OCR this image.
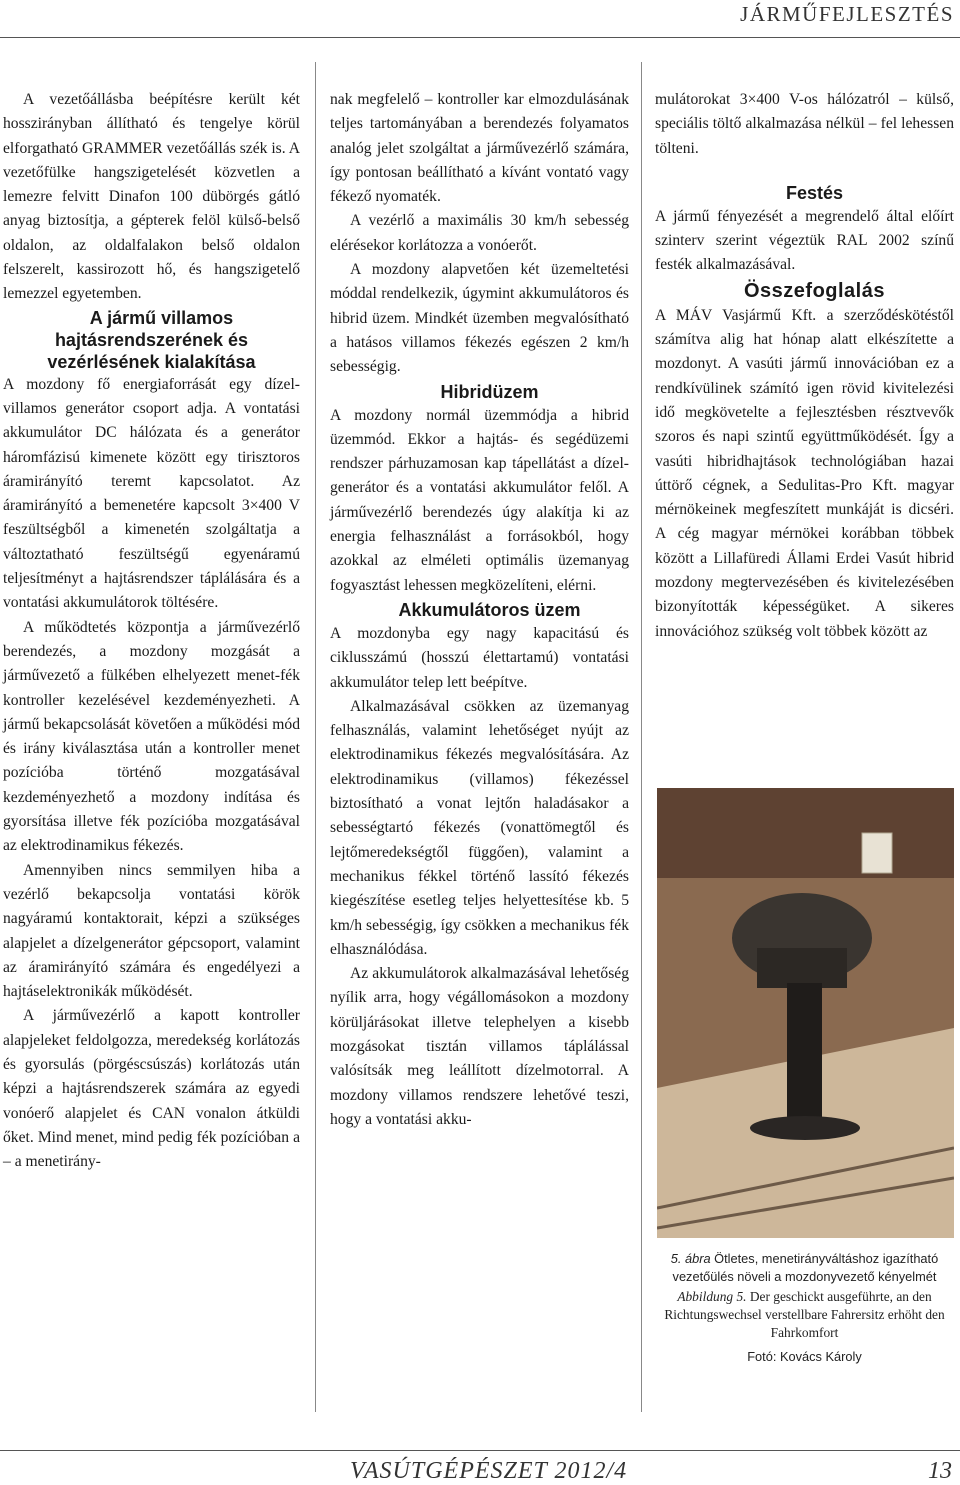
JÁRMŰFEJLESZTÉS

A vezetőállásba beépítésre került két hosszirányban állítható és tengelye körül elforgatható GRAMMER vezetőállás szék is. A vezetőfülke hangszigetelését közvetlen a lemezre felvitt Dinafon 100 dübörgés gátló anyag biztosítja, a gépterek felöl külső-belső oldalon, az oldalfalakon belső oldalon felszerelt, kassirozott hő, és hangszigetelő lemezzel egyetemben.

A jármű villamos hajtásrendszerének és vezérlésének kialakítása

A mozdony fő energiaforrását egy dízel-villamos generátor csoport adja. A vontatási akkumulátor DC hálózata és a generátor háromfázisú kimenete között egy tirisztoros áramirányító teremt kapcsolatot. Az áramirányító a bemenetére kapcsolt 3×400 V feszültségből a kimenetén szolgáltatja a változtatható feszültségű egyenáramú teljesítményt a hajtásrendszer táplálására és a vontatási akkumulátorok töltésére.

A működtetés központja a járművezérlő berendezés, a mozdony mozgását a járművezető a fülkében elhelyezett menet-fék kontroller kezelésével kezdeményezheti. A jármű bekapcsolását követően a működési mód és irány kiválasztása után a kontroller menet pozícióba történő mozgatásával kezdeményezhető a mozdony indítása és gyorsítása illetve fék pozícióba mozgatásával az elektrodinamikus fékezés.

Amennyiben nincs semmilyen hiba a vezérlő bekapcsolja vontatási körök nagyáramú kontaktorait, képzi a szükséges alapjelet a dízelgenerátor gépcsoport, valamint az áramirányító számára és engedélyezi a hajtáselektronikák működését.

A járművezérlő a kapott kontroller alapjeleket feldolgozza, meredekség korlátozás és gyorsulás (pörgéscsúszás) korlátozás után képzi a hajtásrendszerek számára az egyedi vonóerő alapjelet és CAN vonalon átküldi őket. Mind menet, mind pedig fék pozícióban a – a menetirány-

nak megfelelő – kontroller kar elmozdulásának teljes tartományában a berendezés folyamatos analóg jelet szolgáltat a járművezérlő számára, így pontosan beállítható a kívánt vontató vagy fékező nyomaték.

A vezérlő a maximális 30 km/h sebesség elérésekor korlátozza a vonóerőt.

A mozdony alapvetően két üzemeltetési móddal rendelkezik, úgymint akkumulátoros és hibrid üzem. Mindkét üzemben megvalósítható a hatásos villamos fékezés egészen 2 km/h sebességig.

Hibridüzem

A mozdony normál üzemmódja a hibrid üzemmód. Ekkor a hajtás- és segédüzemi rendszer párhuzamosan kap tápellátást a dízel-generátor és a vontatási akkumulátor felől. A járművezérlő berendezés úgy alakítja ki az energia felhasználást a forrásokból, hogy azokkal az elméleti optimális üzemanyag fogyasztást lehessen megközelíteni, elérni.

Akkumulátoros üzem

A mozdonyba egy nagy kapacitású és ciklusszámú (hosszú élettartamú) vontatási akkumulátor telep lett beépítve.

Alkalmazásával csökken az üzemanyag felhasználás, valamint lehetőséget nyújt az elektrodinamikus fékezés megvalósítására. Az elektrodinamikus (villamos) fékezéssel biztosítható a vonat lejtőn haladásakor a sebességtartó fékezés (vonattömegtől és lejtőmeredekségtől függően), valamint a mechanikus fékkel történő lassító fékezés kiegészítése esetleg teljes helyettesítése kb. 5 km/h sebességig, így csökken a mechanikus fék elhasználódása.

Az akkumulátorok alkalmazásával lehetőség nyílik arra, hogy végállomásokon a mozdony körüljárásokat illetve telephelyen a kisebb mozgásokat tisztán villamos táplálással valósítsák meg leállított dízelmotorral. A mozdony villamos rendszere lehetővé teszi, hogy a vontatási akku-

mulátorokat 3×400 V-os hálózatról – külső, speciális töltő alkalmazása nélkül – fel lehessen tölteni.

Festés

A jármű fényezését a megrendelő által előírt szinterv szerint végeztük RAL 2002 színű festék alkalmazásával.

Összefoglalás

A MÁV Vasjármű Kft. a szerződéskötéstől számítva alig hat hónap alatt elkészítette a mozdonyt. A vasúti jármű innovációban ez a rendkívülinek számító igen rövid kivitelezési idő megkövetelte a fejlesztésben résztvevők szoros és napi szintű együttműködését. Így a vasúti hibridhajtások technológiában hazai úttörő cégnek, a Sedulitas-Pro Kft. magyar mérnökeinek megfeszített munkáját is dicséri. A cég magyar mérnökei korábban többek között a Lillafüredi Állami Erdei Vasút hibrid mozdony megtervezésében és kivitelezésében bizonyították képességüket. A sikeres innovációhoz szükség volt többek között az

5. ábra Ötletes, menetirányváltáshoz igazítható vezetőülés növeli a mozdonyvezető kényelmét
Abbildung 5. Der geschickt ausgeführte, an den Richtungswechsel verstellbare Fahrersitz erhöht den Fahrkomfort
Fotó: Kovács Károly
VASÚTGÉPÉSZET 2012/4	13
